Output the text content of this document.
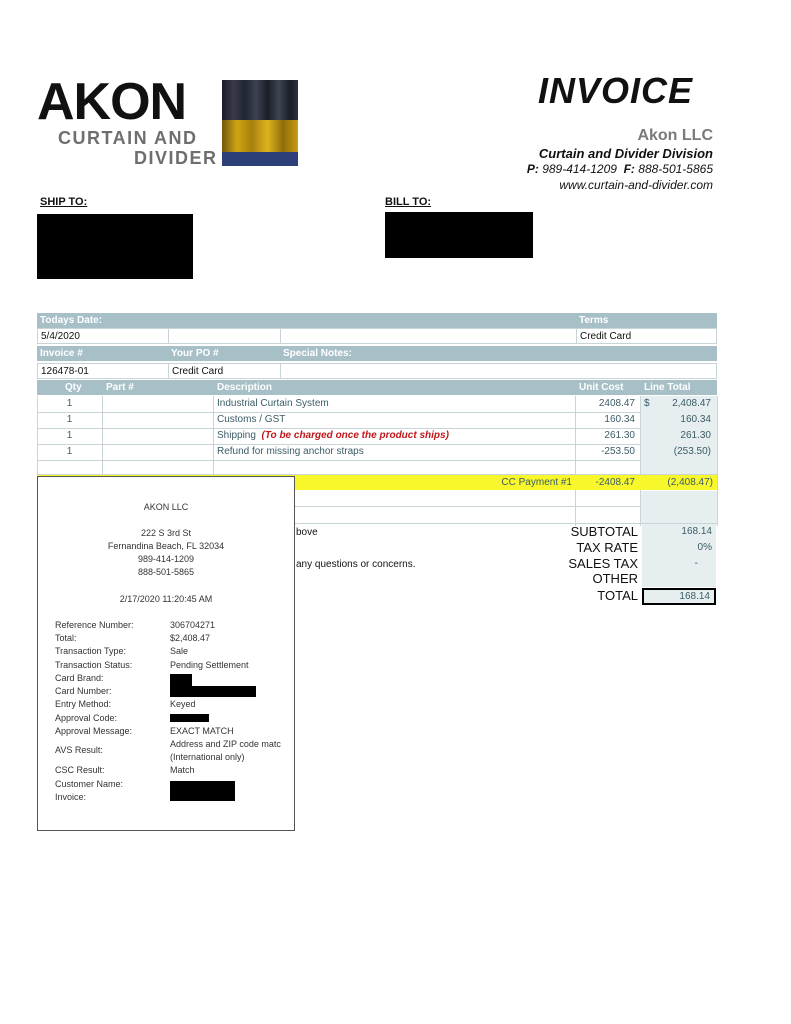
AKON
CURTAIN AND
DIVIDER
INVOICE
Akon LLC
Curtain and Divider Division
P: 989-414-1209 F: 888-501-5865
www.curtain-and-divider.com
SHIP TO:	BILL TO:
Todays Date:	Terms
5/4/2020	Credit Card
Invoice #	Your PO #	Special Notes:
126478-01	Credit Card
Qty	Part #	Description	Unit Cost	Line Total
1	Industrial Curtain System	2408.47 $ 2,408.47
1	Customs / GST	160.34	160.34
1	Shipping (To be charged once the product ships)	261.30	261.30
1	Refund for missing anchor straps	-253.50	(253.50)
CC Payment #1	-2408.47	(2,408.47)
bove
any questions or concerns.
SUBTOTAL	168.14
TAX RATE	0%
SALES TAX	-
OTHER
TOTAL	168.14
AKON LLC
222 S 3rd St
Fernandina Beach, FL 32034
989-414-1209
888-501-5865
2/17/2020 11:20:45 AM
Reference Number:	306704271
Total:	$2,408.47
Transaction Type:	Sale
Transaction Status:	Pending Settlement
Card Brand:
Card Number:
Entry Method:	Keyed
Approval Code:
Approval Message:	EXACT MATCH
AVS Result:
Address and ZIP code matc
(International only)
CSC Result:	Match
Customer Name:
Invoice:
